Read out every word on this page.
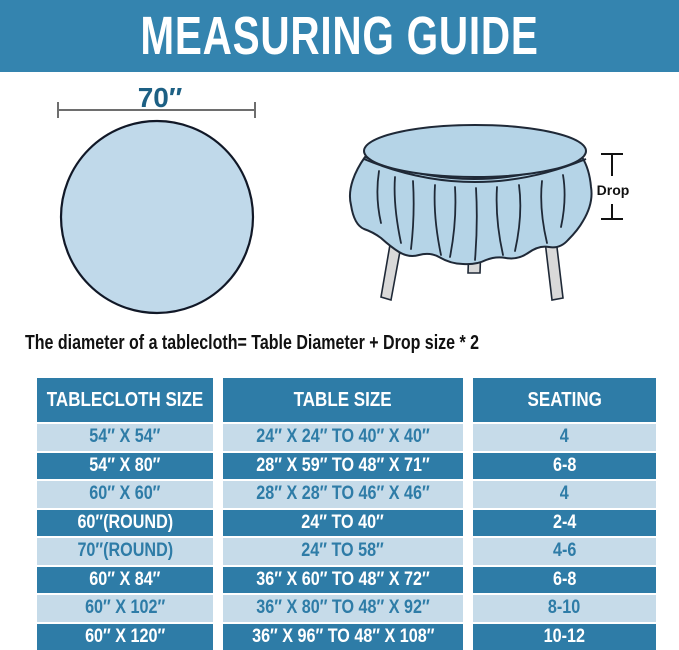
MEASURING GUIDE
70″
Drop
The diameter of a tablecloth= Table Diameter + Drop size * 2
TABLECLOTH SIZE
54″ X 54″
54″ X 80″
60″ X 60″
60″(ROUND)
70″(ROUND)
60″ X 84″
60″ X 102″
60″ X 120″
TABLE SIZE
24″ X 24″ TO 40″ X 40″
28″ X 59″ TO 48″ X 71″
28″ X 28″ TO 46″ X 46″
24″ TO 40″
24″ TO 58″
36″ X 60″ TO 48″ X 72″
36″ X 80″ TO 48″ X 92″
36″ X 96″ TO 48″ X 108″
SEATING
4
6-8
4
2-4
4-6
6-8
8-10
10-12
